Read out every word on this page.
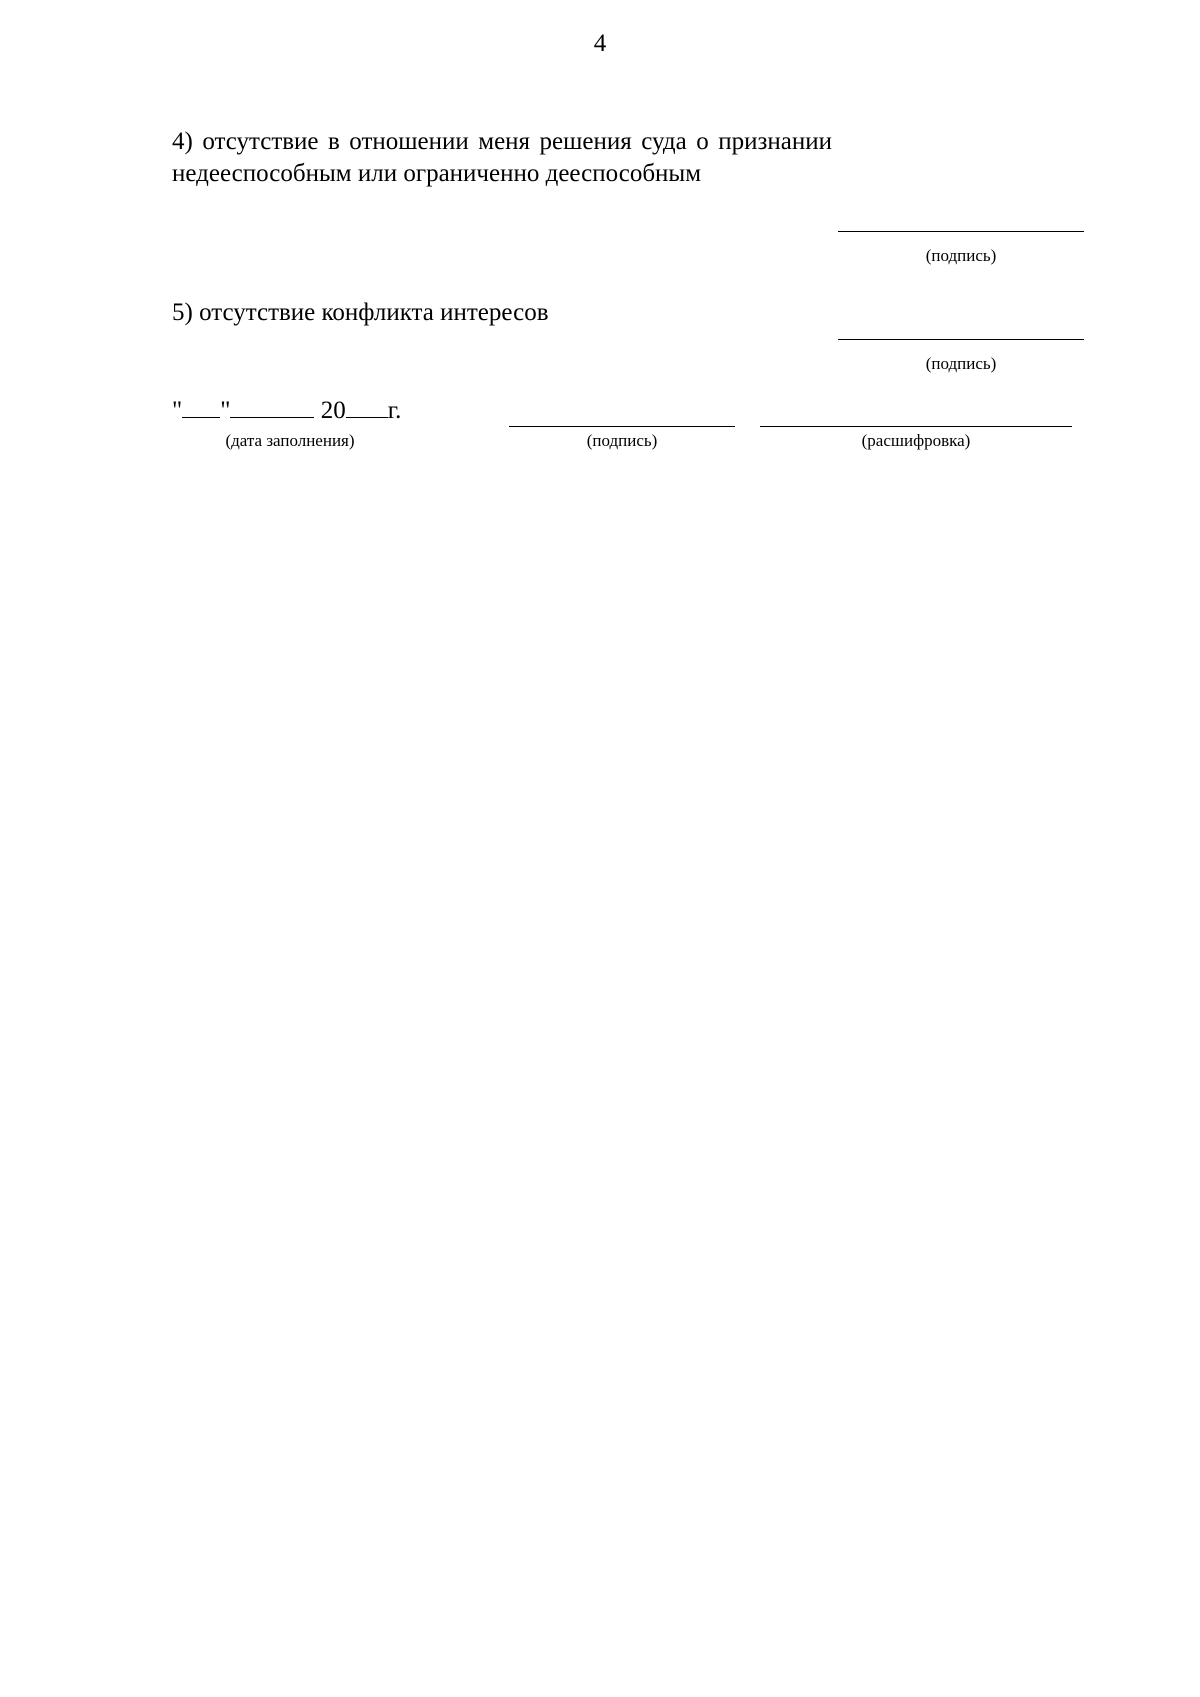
4
4) отсутствие в отношении меня решения суда о признании недееспособным или ограниченно дееспособным
(подпись)
5) отсутствие конфликта интересов
(подпись)
" "	20 г.
(дата заполнения)	(подпись)	(расшифровка)
